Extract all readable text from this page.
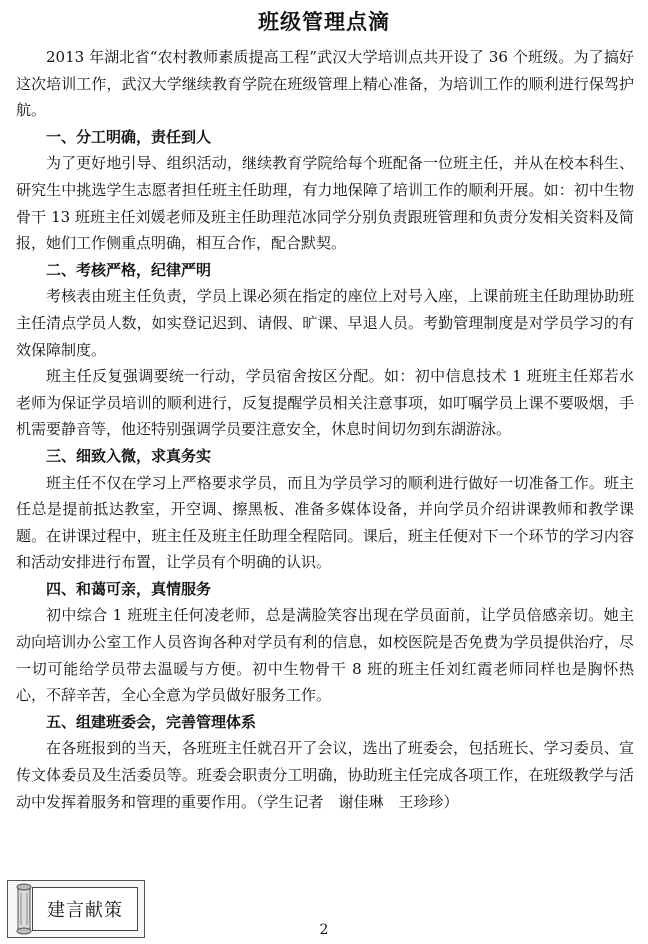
班级管理点滴

2013 年湖北省“农村教师素质提高工程”武汉大学培训点共开设了 36 个班级。为了搞好这次培训工作，武汉大学继续教育学院在班级管理上精心准备，为培训工作的顺利进行保驾护航。

一、分工明确，责任到人

为了更好地引导、组织活动，继续教育学院给每个班配备一位班主任，并从在校本科生、研究生中挑选学生志愿者担任班主任助理，有力地保障了培训工作的顺利开展。如：初中生物骨干 13 班班主任刘媛老师及班主任助理范冰同学分别负责跟班管理和负责分发相关资料及简报，她们工作侧重点明确，相互合作，配合默契。

二、考核严格，纪律严明

考核表由班主任负责，学员上课必须在指定的座位上对号入座，上课前班主任助理协助班主任清点学员人数，如实登记迟到、请假、旷课、早退人员。考勤管理制度是对学员学习的有效保障制度。

班主任反复强调要统一行动，学员宿舍按区分配。如：初中信息技术 1 班班主任郑若水老师为保证学员培训的顺利进行，反复提醒学员相关注意事项，如叮嘱学员上课不要吸烟，手机需要静音等，他还特别强调学员要注意安全，休息时间切勿到东湖游泳。

三、细致入微，求真务实

班主任不仅在学习上严格要求学员，而且为学员学习的顺利进行做好一切准备工作。班主任总是提前抵达教室，开空调、擦黑板、准备多媒体设备，并向学员介绍讲课教师和教学课题。在讲课过程中，班主任及班主任助理全程陪同。课后，班主任便对下一个环节的学习内容和活动安排进行布置，让学员有个明确的认识。

四、和蔼可亲，真情服务

初中综合 1 班班主任何凌老师，总是满脸笑容出现在学员面前，让学员倍感亲切。她主动向培训办公室工作人员咨询各种对学员有利的信息，如校医院是否免费为学员提供治疗，尽一切可能给学员带去温暖与方便。初中生物骨干 8 班的班主任刘红霞老师同样也是胸怀热心，不辞辛苦，全心全意为学员做好服务工作。

五、组建班委会，完善管理体系

在各班报到的当天，各班班主任就召开了会议，选出了班委会，包括班长、学习委员、宣传文体委员及生活委员等。班委会职责分工明确，协助班主任完成各项工作，在班级教学与活动中发挥着服务和管理的重要作用。（学生记者　谢佳琳　王珍珍）

建言献策
2
